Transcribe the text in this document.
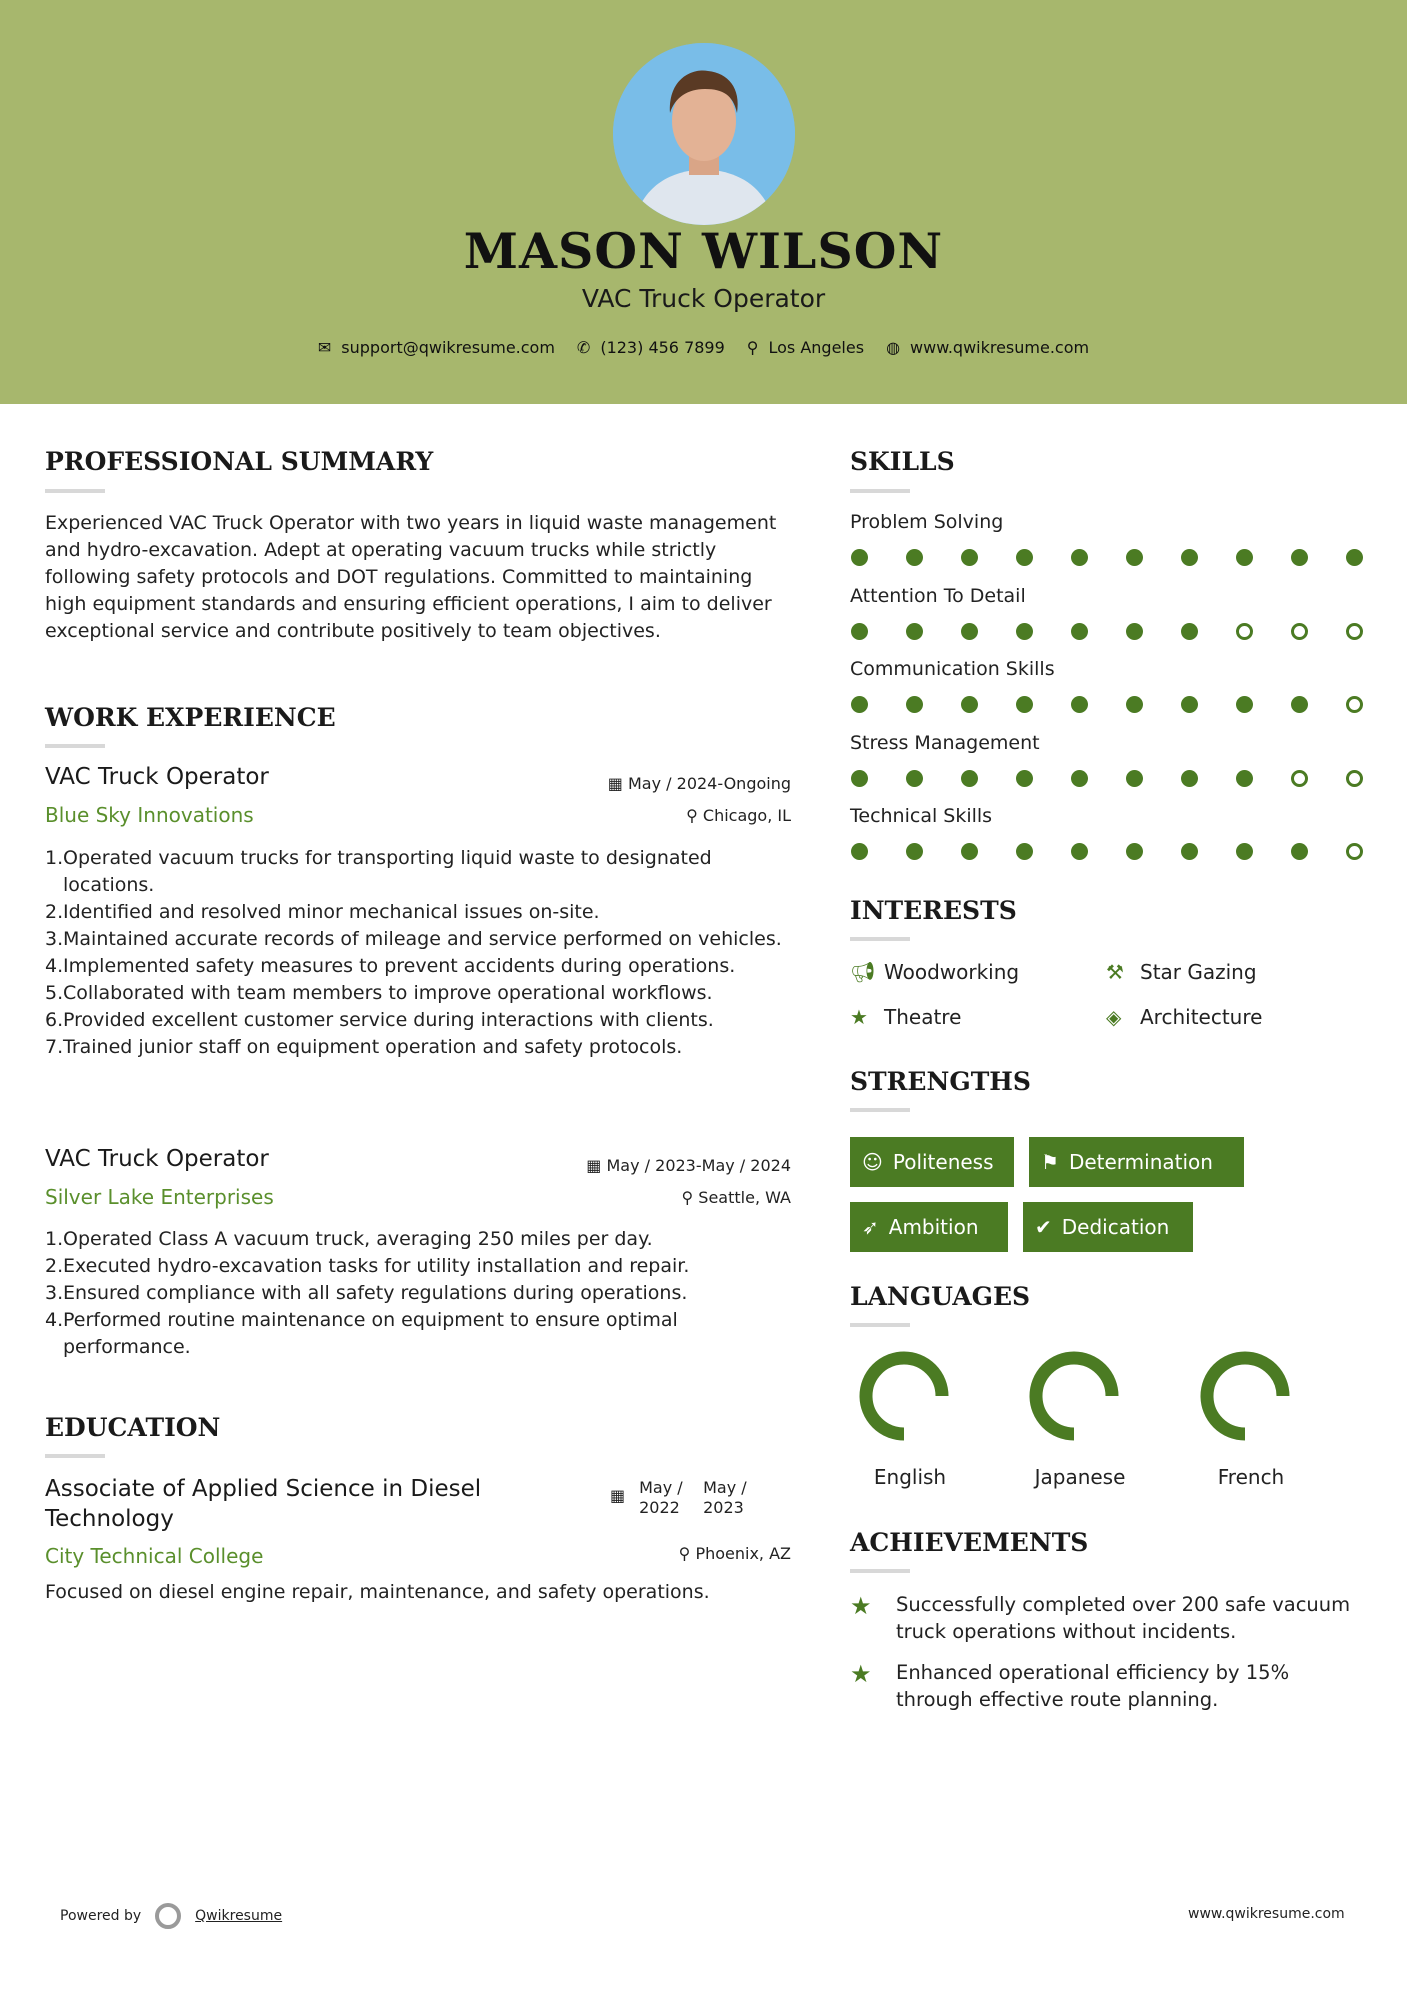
MASON WILSON
VAC Truck Operator
✉ support@qwikresume.com ✆ (123) 456 7899 ⚲ Los Angeles ◍ www.qwikresume.com
PROFESSIONAL SUMMARY
Experienced VAC Truck Operator with two years in liquid waste management and hydro-excavation. Adept at operating vacuum trucks while strictly following safety protocols and DOT regulations. Committed to maintaining high equipment standards and ensuring efficient operations, I aim to deliver exceptional service and contribute positively to team objectives.
WORK EXPERIENCE
VAC Truck Operator	▦ May / 2024-Ongoing
Blue Sky Innovations	⚲ Chicago, IL
1. Operated vacuum trucks for transporting liquid waste to designated locations.
2. Identified and resolved minor mechanical issues on-site.
3. Maintained accurate records of mileage and service performed on vehicles.
4. Implemented safety measures to prevent accidents during operations.
5. Collaborated with team members to improve operational workflows.
6. Provided excellent customer service during interactions with clients.
7. Trained junior staff on equipment operation and safety protocols.
VAC Truck Operator	▦ May / 2023-May / 2024
Silver Lake Enterprises	⚲ Seattle, WA
1. Operated Class A vacuum truck, averaging 250 miles per day.
2. Executed hydro-excavation tasks for utility installation and repair.
3. Ensured compliance with all safety regulations during operations.
4. Performed routine maintenance on equipment to ensure optimal performance.
EDUCATION
Associate of Applied Science in Diesel Technology
▦ May / 2022
May / 2023
City Technical College	⚲ Phoenix, AZ
Focused on diesel engine repair, maintenance, and safety operations.
SKILLS
Problem Solving
Attention To Detail
Communication Skills
Stress Management
Technical Skills
INTERESTS
📢︎ Woodworking	⚒ Star Gazing
★ Theatre	◈ Architecture
STRENGTHS
☺ Politeness	⚑ Determination
➶ Ambition	✔ Dedication
LANGUAGES
English	Japanese	French
ACHIEVEMENTS
★ Successfully completed over 200 safe vacuum truck operations without incidents.
★ Enhanced operational efficiency by 15% through effective route planning.
Powered by	Qwikresume	www.qwikresume.com
